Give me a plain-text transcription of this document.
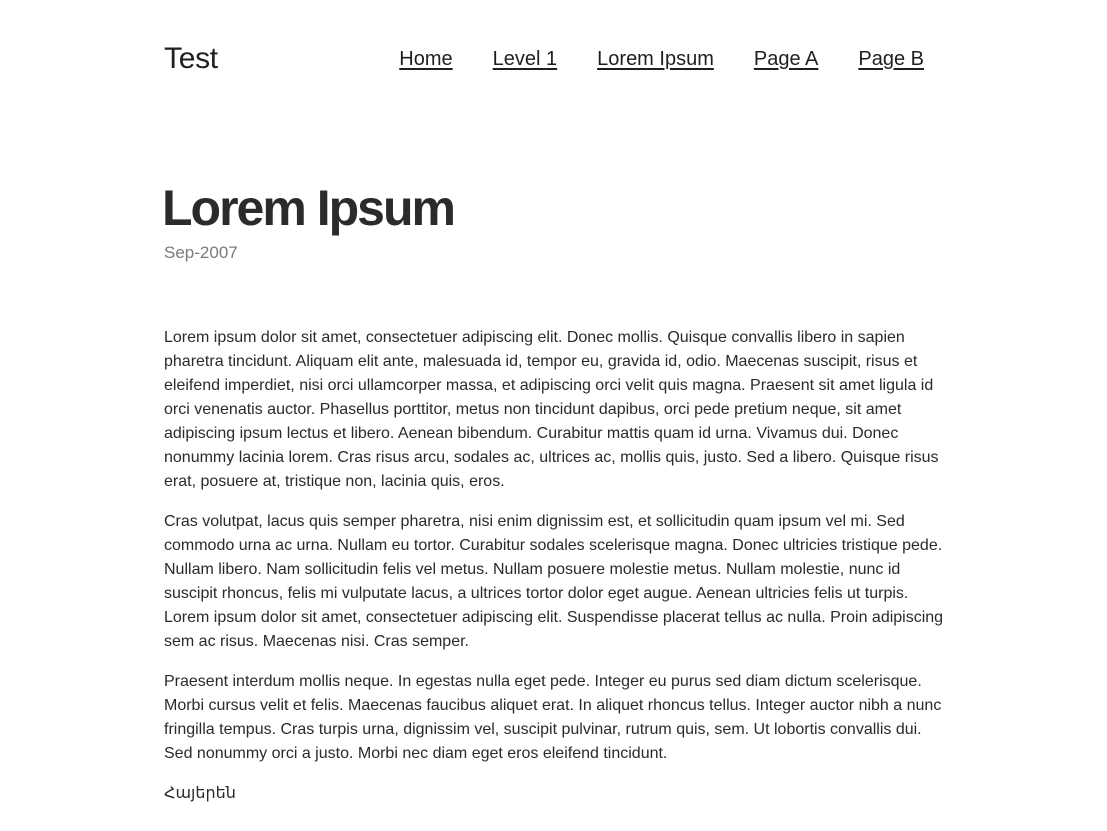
Test	Home Level 1 Lorem Ipsum Page A Page B
Lorem Ipsum
Sep-2007

Lorem ipsum dolor sit amet, consectetuer adipiscing elit. Donec mollis. Quisque convallis libero in sapien pharetra tincidunt. Aliquam elit ante, malesuada id, tempor eu, gravida id, odio. Maecenas suscipit, risus et eleifend imperdiet, nisi orci ullamcorper massa, et adipiscing orci velit quis magna. Praesent sit amet ligula id orci venenatis auctor. Phasellus porttitor, metus non tincidunt dapibus, orci pede pretium neque, sit amet adipiscing ipsum lectus et libero. Aenean bibendum. Curabitur mattis quam id urna. Vivamus dui. Donec nonummy lacinia lorem. Cras risus arcu, sodales ac, ultrices ac, mollis quis, justo. Sed a libero. Quisque risus erat, posuere at, tristique non, lacinia quis, eros.

Cras volutpat, lacus quis semper pharetra, nisi enim dignissim est, et sollicitudin quam ipsum vel mi. Sed commodo urna ac urna. Nullam eu tortor. Curabitur sodales scelerisque magna. Donec ultricies tristique pede. Nullam libero. Nam sollicitudin felis vel metus. Nullam posuere molestie metus. Nullam molestie, nunc id suscipit rhoncus, felis mi vulputate lacus, a ultrices tortor dolor eget augue. Aenean ultricies felis ut turpis. Lorem ipsum dolor sit amet, consectetuer adipiscing elit. Suspendisse placerat tellus ac nulla. Proin adipiscing sem ac risus. Maecenas nisi. Cras semper.

Praesent interdum mollis neque. In egestas nulla eget pede. Integer eu purus sed diam dictum scelerisque. Morbi cursus velit et felis. Maecenas faucibus aliquet erat. In aliquet rhoncus tellus. Integer auctor nibh a nunc fringilla tempus. Cras turpis urna, dignissim vel, suscipit pulvinar, rutrum quis, sem. Ut lobortis convallis dui. Sed nonummy orci a justo. Morbi nec diam eget eros eleifend tincidunt.

Հայերեն
